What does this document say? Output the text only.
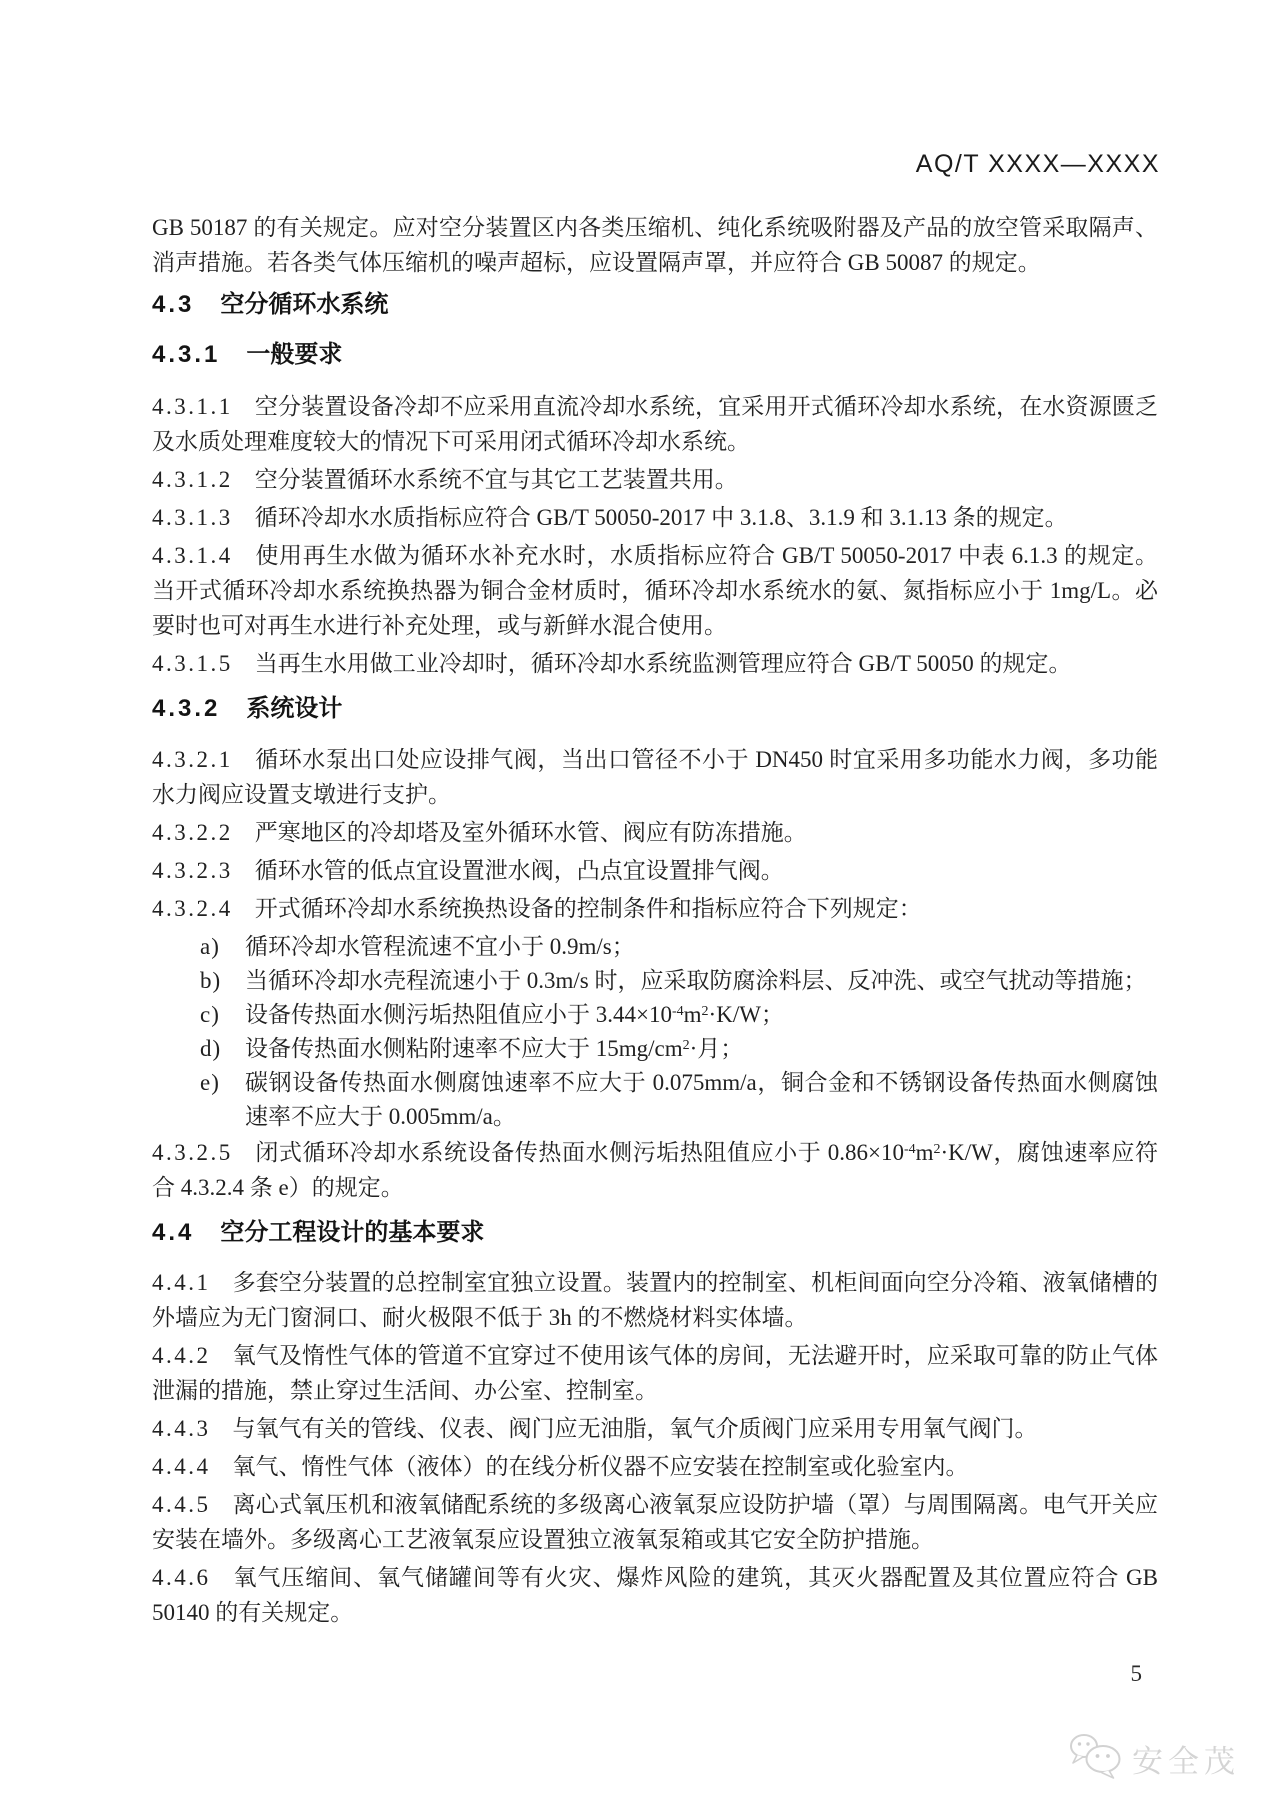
AQ/T XXXX—XXXX

GB 50187 的有关规定。应对空分装置区内各类压缩机、纯化系统吸附器及产品的放空管采取隔声、消声措施。若各类气体压缩机的噪声超标，应设置隔声罩，并应符合 GB 50087 的规定。

4.3 空分循环水系统

4.3.1 一般要求

4.3.1.1 空分装置设备冷却不应采用直流冷却水系统，宜采用开式循环冷却水系统，在水资源匮乏及水质处理难度较大的情况下可采用闭式循环冷却水系统。

4.3.1.2 空分装置循环水系统不宜与其它工艺装置共用。

4.3.1.3 循环冷却水水质指标应符合 GB/T 50050-2017 中 3.1.8、3.1.9 和 3.1.13 条的规定。

4.3.1.4 使用再生水做为循环水补充水时，水质指标应符合 GB/T 50050-2017 中表 6.1.3 的规定。当开式循环冷却水系统换热器为铜合金材质时，循环冷却水系统水的氨、氮指标应小于 1mg/L。必要时也可对再生水进行补充处理，或与新鲜水混合使用。

4.3.1.5 当再生水用做工业冷却时，循环冷却水系统监测管理应符合 GB/T 50050 的规定。

4.3.2 系统设计

4.3.2.1 循环水泵出口处应设排气阀，当出口管径不小于 DN450 时宜采用多功能水力阀，多功能水力阀应设置支墩进行支护。

4.3.2.2 严寒地区的冷却塔及室外循环水管、阀应有防冻措施。

4.3.2.3 循环水管的低点宜设置泄水阀，凸点宜设置排气阀。

4.3.2.4 开式循环冷却水系统换热设备的控制条件和指标应符合下列规定：

a) 循环冷却水管程流速不宜小于 0.9m/s；
b) 当循环冷却水壳程流速小于 0.3m/s 时，应采取防腐涂料层、反冲洗、或空气扰动等措施；
c) 设备传热面水侧污垢热阻值应小于 $3.44\times 10^{-4}m^2\cdot K/W$；
d) 设备传热面水侧粘附速率不应大于 $15mg/cm^2\cdot$月；
e) 碳钢设备传热面水侧腐蚀速率不应大于 0.075mm/a，铜合金和不锈钢设备传热面水侧腐蚀速率不应大于 0.005mm/a。

4.3.2.5 闭式循环冷却水系统设备传热面水侧污垢热阻值应小于 $0.86\times 10^{-4}m^2\cdot K/W$，腐蚀速率应符合 4.3.2.4 条 e）的规定。

4.4 空分工程设计的基本要求

4.4.1 多套空分装置的总控制室宜独立设置。装置内的控制室、机柜间面向空分冷箱、液氧储槽的外墙应为无门窗洞口、耐火极限不低于 3h 的不燃烧材料实体墙。

4.4.2 氧气及惰性气体的管道不宜穿过不使用该气体的房间，无法避开时，应采取可靠的防止气体泄漏的措施，禁止穿过生活间、办公室、控制室。

4.4.3 与氧气有关的管线、仪表、阀门应无油脂，氧气介质阀门应采用专用氧气阀门。

4.4.4 氧气、惰性气体（液体）的在线分析仪器不应安装在控制室或化验室内。

4.4.5 离心式氧压机和液氧储配系统的多级离心液氧泵应设防护墙（罩）与周围隔离。电气开关应安装在墙外。多级离心工艺液氧泵应设置独立液氧泵箱或其它安全防护措施。

4.4.6 氧气压缩间、氧气储罐间等有火灾、爆炸风险的建筑，其灭火器配置及其位置应符合 GB 50140 的有关规定。

5
安全茂
